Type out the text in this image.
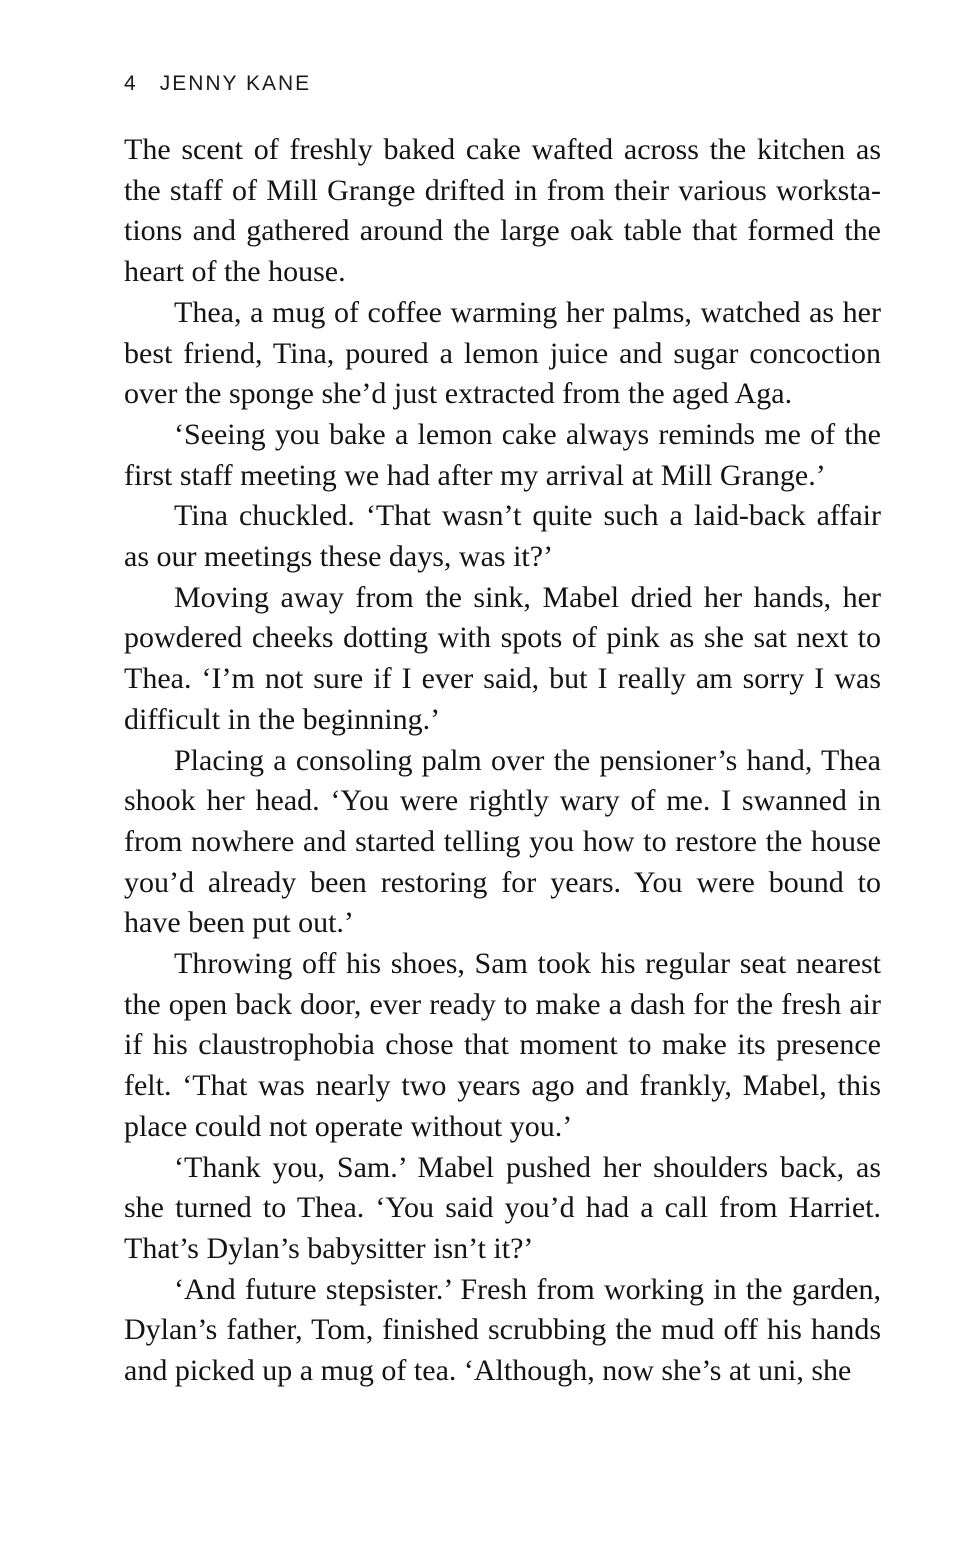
4 JENNY KANE

The scent of freshly baked cake wafted across the kitchen as the staff of Mill Grange drifted in from their various workstations and gathered around the large oak table that formed the heart of the house.

Thea, a mug of coffee warming her palms, watched as her best friend, Tina, poured a lemon juice and sugar concoction over the sponge she’d just extracted from the aged Aga.

‘Seeing you bake a lemon cake always reminds me of the first staff meeting we had after my arrival at Mill Grange.’

Tina chuckled. ‘That wasn’t quite such a laid-back affair as our meetings these days, was it?’

Moving away from the sink, Mabel dried her hands, her powdered cheeks dotting with spots of pink as she sat next to Thea. ‘I’m not sure if I ever said, but I really am sorry I was difficult in the beginning.’

Placing a consoling palm over the pensioner’s hand, Thea shook her head. ‘You were rightly wary of me. I swanned in from nowhere and started telling you how to restore the house you’d already been restoring for years. You were bound to have been put out.’

Throwing off his shoes, Sam took his regular seat nearest the open back door, ever ready to make a dash for the fresh air if his claustrophobia chose that moment to make its presence felt. ‘That was nearly two years ago and frankly, Mabel, this place could not operate without you.’

‘Thank you, Sam.’ Mabel pushed her shoulders back, as she turned to Thea. ‘You said you’d had a call from Harriet. That’s Dylan’s babysitter isn’t it?’

‘And future stepsister.’ Fresh from working in the garden, Dylan’s father, Tom, finished scrubbing the mud off his hands and picked up a mug of tea. ‘Although, now she’s at uni, she
